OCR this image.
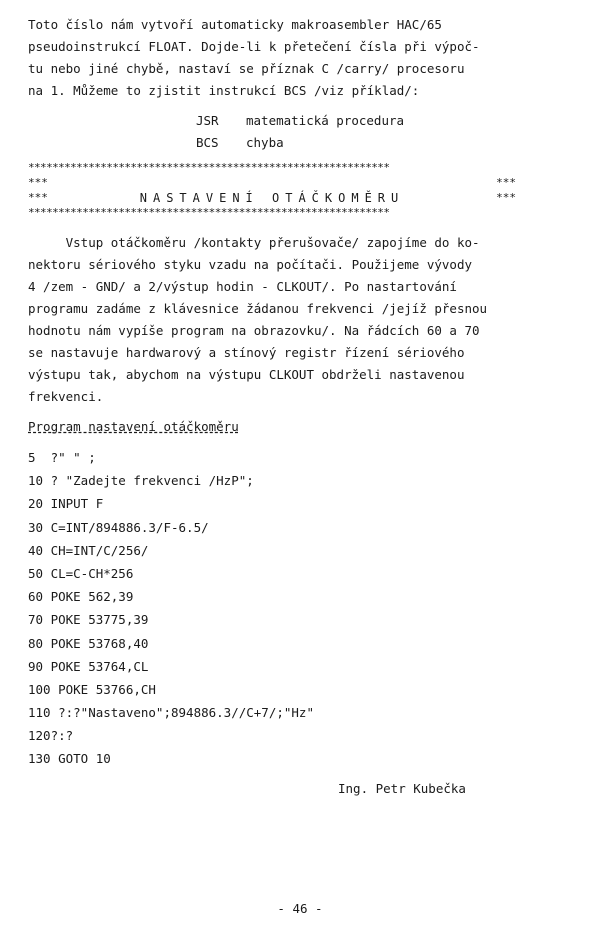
Toto číslo nám vytvoří automaticky makroasembler HAC/65

pseudoinstrukcí FLOAT. Dojde-li k přetečení čísla při výpoč-

tu nebo jiné chybě, nastaví se příznak C /carry/ procesoru

na 1. Můžeme to zjistit instrukcí BCS /viz příklad/:

JSR	matematická procedura
BCS	chyba
************************************************************
***	***
***	NASTAVENÍ OTÁČKOMĚRU	***
************************************************************

Vstup otáčkoměru /kontakty přerušovače/ zapojíme do ko-

nektoru sériového styku vzadu na počítači. Použijeme vývody

4 /zem - GND/ a 2/výstup hodin - CLKOUT/. Po nastartování

programu zadáme z klávesnice žádanou frekvenci /jejíž přesnou

hodnotu nám vypíše program na obrazovku/. Na řádcích 60 a 70

se nastavuje hardwarový a stínový registr řízení sériového

výstupu tak, abychom na výstupu CLKOUT obdrželi nastavenou

frekvenci.

Program nastavení otáčkoměru
5  ?" " ;
10 ? "Zadejte frekvenci /HzP";
20 INPUT F
30 C=INT/894886.3/F-6.5/
40 CH=INT/C/256/
50 CL=C-CH*256
60 POKE 562,39
70 POKE 53775,39
80 POKE 53768,40
90 POKE 53764,CL
100 POKE 53766,CH
110 ?:?"Nastaveno";894886.3//C+7/;"Hz"
120?:?
130 GOTO 10
Ing. Petr Kubečka
- 46 -
